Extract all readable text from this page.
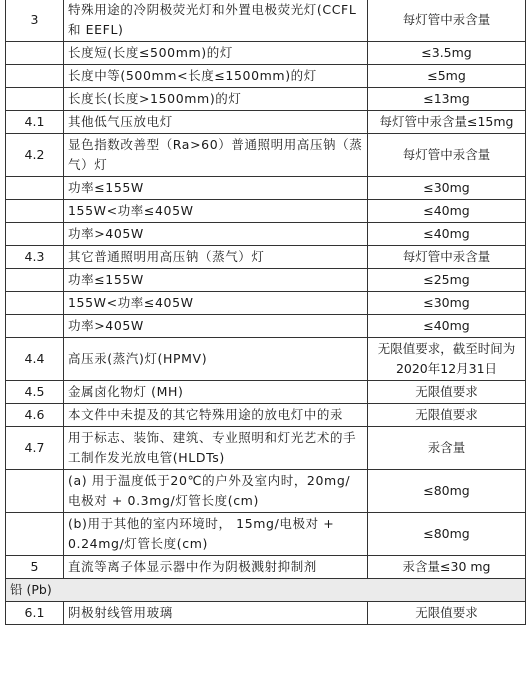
3	特殊用途的冷阴极荧光灯和外置电极荧光灯(CCFL 和 EEFL)	每灯管中汞含量
	长度短(长度≤500mm)的灯	≤3.5mg
	长度中等(500mm<长度≤1500mm)的灯	≤5mg
	长度长(长度>1500mm)的灯	≤13mg
4.1	其他低气压放电灯	每灯管中汞含量≤15mg
4.2	显色指数改善型（Ra>60）普通照明用高压钠（蒸气）灯	每灯管中汞含量
	功率≤155W	≤30mg
	155W<功率≤405W	≤40mg
	功率>405W	≤40mg
4.3	其它普通照明用高压钠（蒸气）灯	每灯管中汞含量
	功率≤155W	≤25mg
	155W<功率≤405W	≤30mg
	功率>405W	≤40mg
4.4	高压汞(蒸汽)灯(HPMV)	无限值要求，截至时间为2020年12月31日
4.5	金属卤化物灯 (MH)	无限值要求
4.6	本文件中未提及的其它特殊用途的放电灯中的汞	无限值要求
4.7	用于标志、装饰、建筑、专业照明和灯光艺术的手工制作发光放电管(HLDTs)	汞含量
	(a) 用于温度低于20℃的户外及室内时，20mg/电极对 + 0.3mg/灯管长度(cm)	≤80mg
	(b)用于其他的室内环境时， 15mg/电极对 + 0.24mg/灯管长度(cm)	≤80mg
5	直流等离子体显示器中作为阴极溅射抑制剂	汞含量≤30 mg
铅 (Pb)		
6.1	阴极射线管用玻璃	无限值要求
